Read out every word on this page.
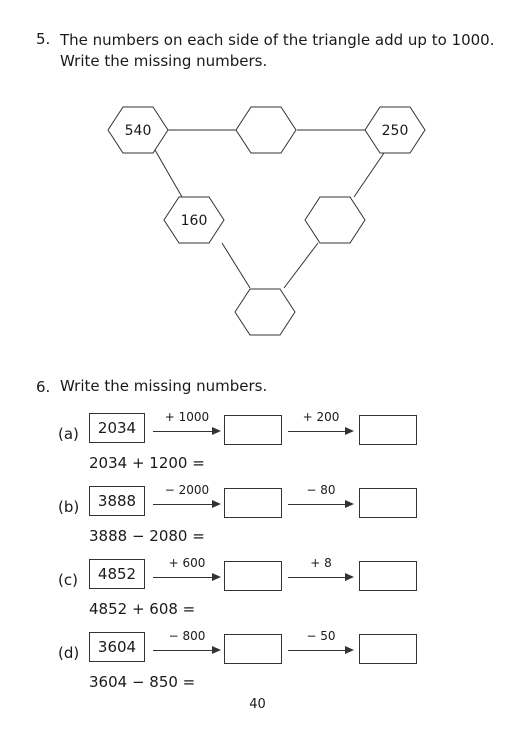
5. The numbers on each side of the triangle add up to 1000.
Write the missing numbers.
540	250
160
6. Write the missing numbers.
(a)	2034
+ 1000	+ 200
2034 + 1200 =
(b)	3888
− 2000	− 80
3888 − 2080 =
(c)	4852
+ 600	+ 8
4852 + 608 =
(d)	3604
− 800	− 50
3604 − 850 =
40
